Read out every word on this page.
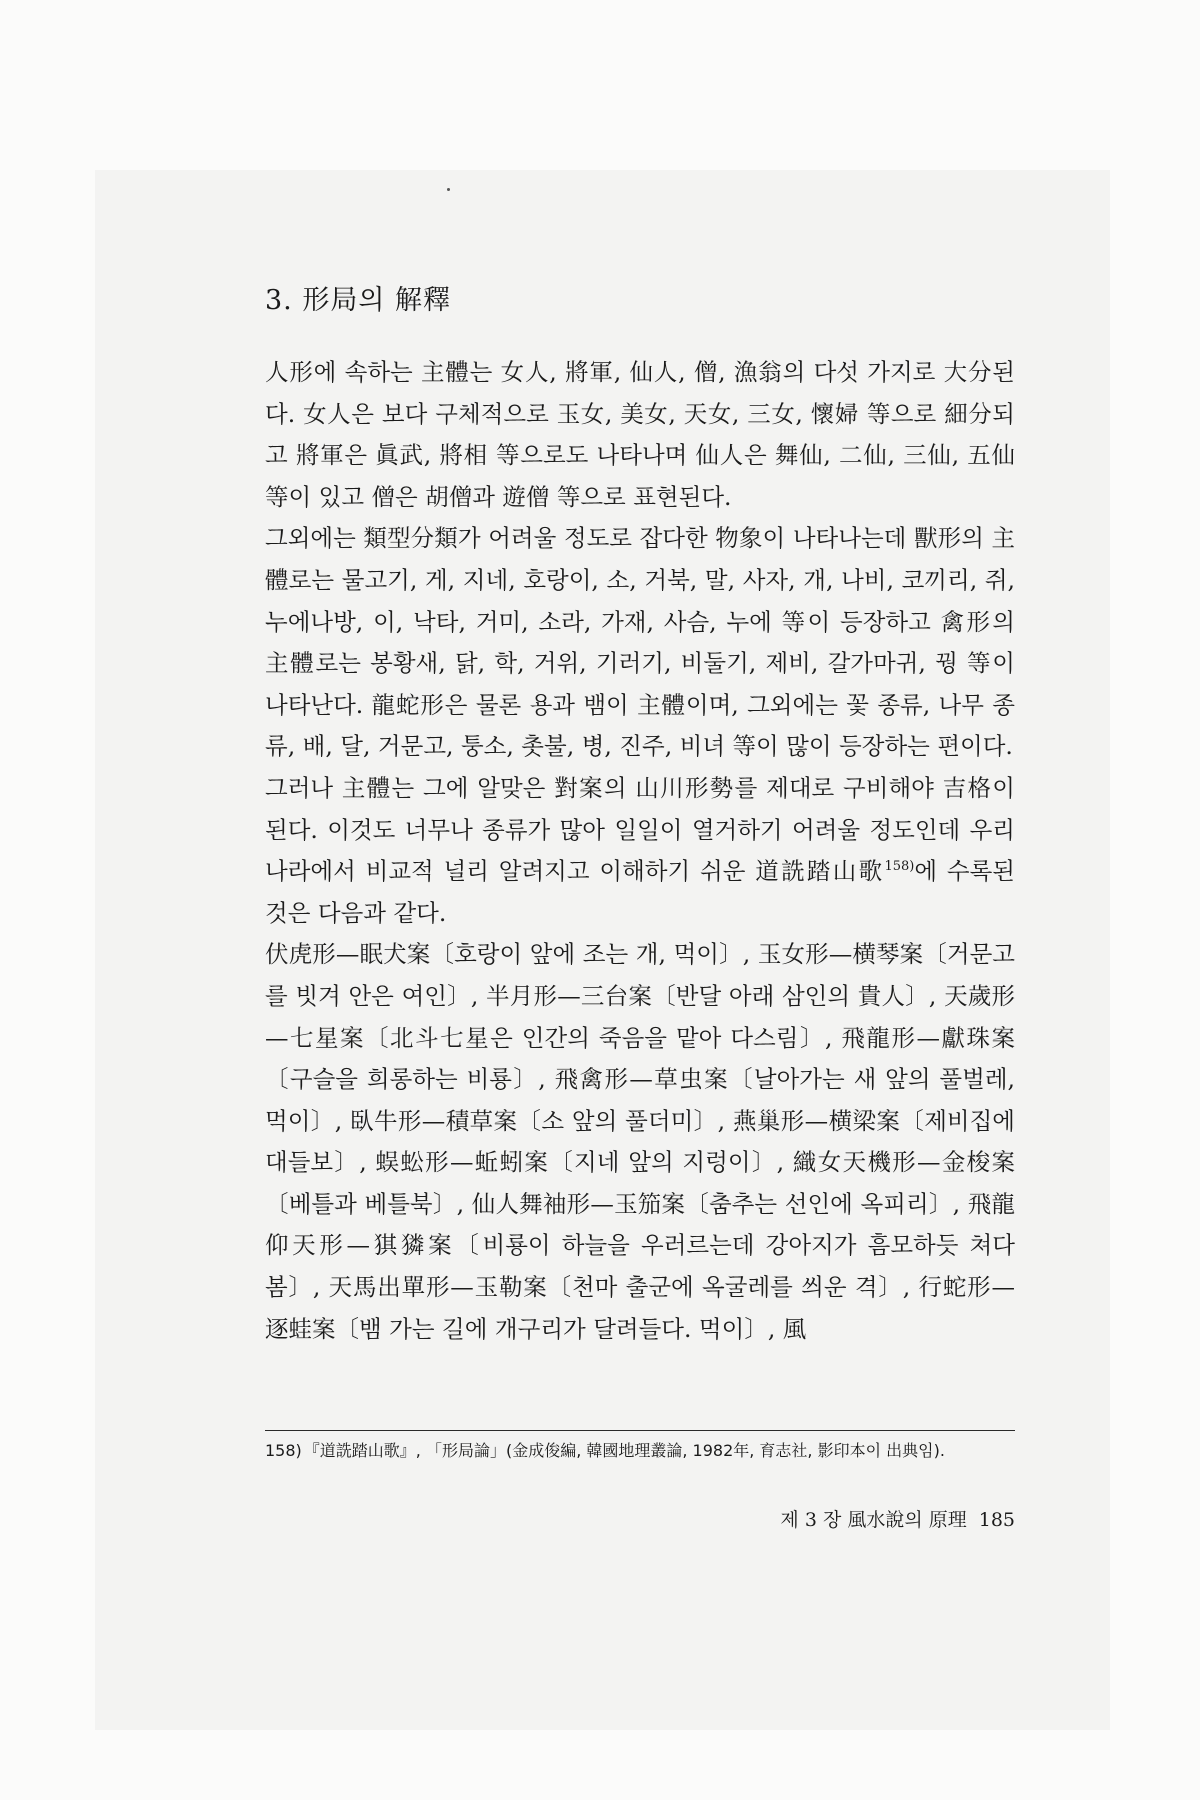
3. 形局의 解釋

人形에 속하는 主體는 女人, 將軍, 仙人, 僧, 漁翁의 다섯 가지로 大分된다. 女人은 보다 구체적으로 玉女, 美女, 天女, 三女, 懷婦 等으로 細分되고 將軍은 眞武, 將相 等으로도 나타나며 仙人은 舞仙, 二仙, 三仙, 五仙 等이 있고 僧은 胡僧과 遊僧 等으로 표현된다.

그외에는 類型分類가 어려울 정도로 잡다한 物象이 나타나는데 獸形의 主體로는 물고기, 게, 지네, 호랑이, 소, 거북, 말, 사자, 개, 나비, 코끼리, 쥐, 누에나방, 이, 낙타, 거미, 소라, 가재, 사슴, 누에 等이 등장하고 禽形의 主體로는 봉황새, 닭, 학, 거위, 기러기, 비둘기, 제비, 갈가마귀, 꿩 等이 나타난다. 龍蛇形은 물론 용과 뱀이 主體이며, 그외에는 꽃 종류, 나무 종류, 배, 달, 거문고, 퉁소, 촛불, 병, 진주, 비녀 等이 많이 등장하는 편이다.

그러나 主體는 그에 알맞은 對案의 山川形勢를 제대로 구비해야 吉格이 된다. 이것도 너무나 종류가 많아 일일이 열거하기 어려울 정도인데 우리나라에서 비교적 널리 알려지고 이해하기 쉬운 道詵踏山歌$^{158)}$에 수록된 것은 다음과 같다.

伏虎形—眠犬案〔호랑이 앞에 조는 개, 먹이〕, 玉女形—横琴案〔거문고를 빗겨 안은 여인〕, 半月形—三台案〔반달 아래 삼인의 貴人〕, 天歲形—七星案〔北斗七星은 인간의 죽음을 맡아 다스림〕, 飛龍形—獻珠案〔구슬을 희롱하는 비룡〕, 飛禽形—草虫案〔날아가는 새 앞의 풀벌레, 먹이〕, 臥牛形—積草案〔소 앞의 풀더미〕, 燕巢形—横梁案〔제비집에 대들보〕, 蜈蚣形—蚯蚓案〔지네 앞의 지렁이〕, 織女天機形—金梭案〔베틀과 베틀북〕, 仙人舞袖形—玉笳案〔춤추는 선인에 옥피리〕, 飛龍仰天形—猉獜案〔비룡이 하늘을 우러르는데 강아지가 흠모하듯 쳐다봄〕, 天馬出單形—玉勒案〔천마 출군에 옥굴레를 씌운 격〕, 行蛇形—逐蛙案〔뱀 가는 길에 개구리가 달려들다. 먹이〕, 風

158) 『道詵踏山歌』, 「形局論」(金成俊編, 韓國地理叢論, 1982年, 育志社, 影印本이 出典임).

제 3 장 風水說의 原理 185
